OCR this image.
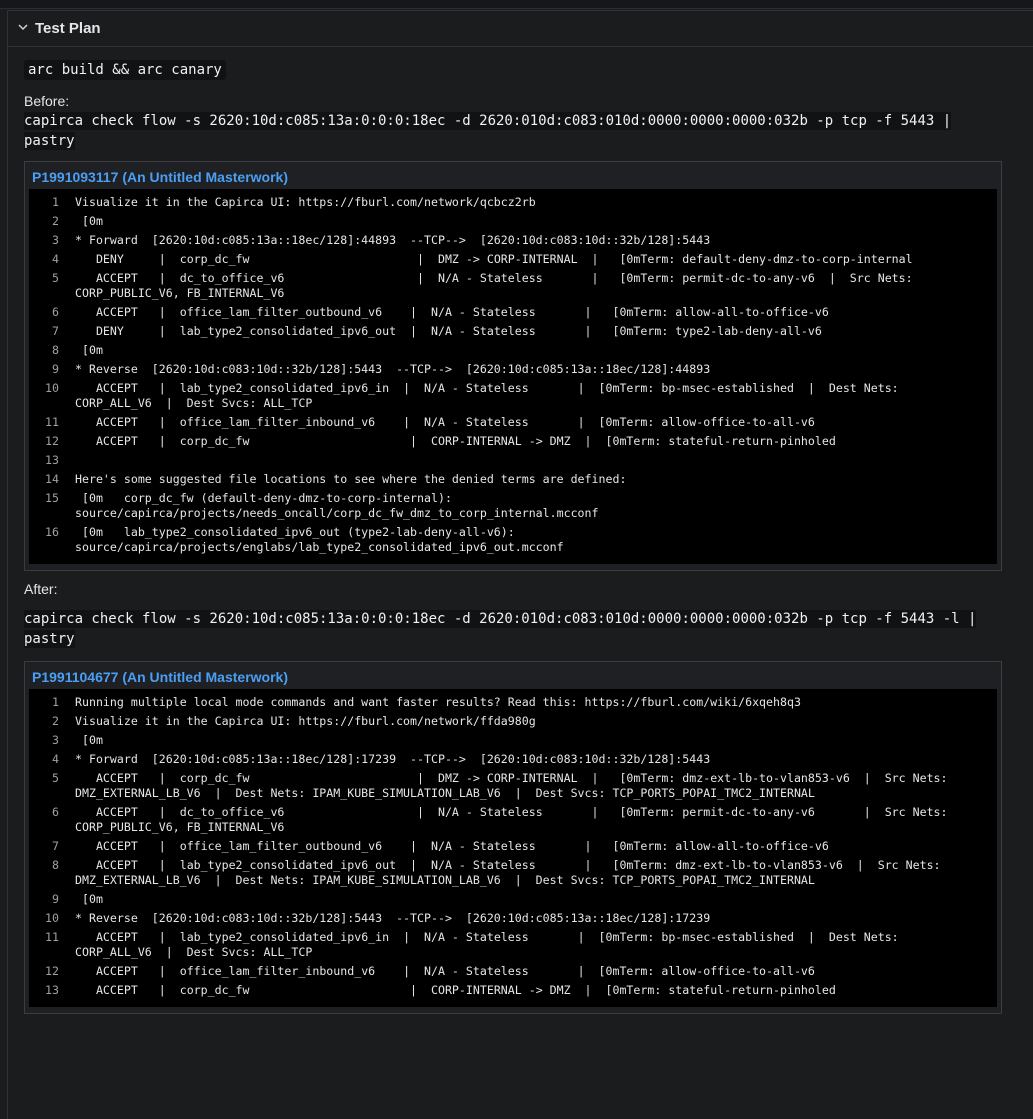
Test Plan
arc build && arc canary
Before:
capirca check flow -s 2620:10d:c085:13a:0:0:0:18ec -d 2620:010d:c083:010d:0000:0000:0000:032b -p tcp -f 5443 | pastry
P1991093117 (An Untitled Masterwork)
1	Visualize it in the Capirca UI: https://fburl.com/network/qcbcz2rb
2	[0m
3	* Forward  [2620:10d:c085:13a::18ec/128]:44893  --TCP-->  [2620:10d:c083:10d::32b/128]:5443
4	DENY     |  corp_dc_fw                        |  DMZ -> CORP-INTERNAL  |   [0mTerm: default-deny-dmz-to-corp-internal
5	ACCEPT   |  dc_to_office_v6                   |  N/A - Stateless       |   [0mTerm: permit-dc-to-any-v6  |  Src Nets: CORP_PUBLIC_V6, FB_INTERNAL_V6
6	ACCEPT   |  office_lam_filter_outbound_v6    |  N/A - Stateless       |   [0mTerm: allow-all-to-office-v6
7	DENY     |  lab_type2_consolidated_ipv6_out  |  N/A - Stateless       |   [0mTerm: type2-lab-deny-all-v6
8	[0m
9	* Reverse  [2620:10d:c083:10d::32b/128]:5443  --TCP-->  [2620:10d:c085:13a::18ec/128]:44893
10	ACCEPT   |  lab_type2_consolidated_ipv6_in  |  N/A - Stateless       |  [0mTerm: bp-msec-established  |  Dest Nets: CORP_ALL_V6  |  Dest Svcs: ALL_TCP
11	ACCEPT   |  office_lam_filter_inbound_v6    |  N/A - Stateless       |  [0mTerm: allow-office-to-all-v6
12	ACCEPT   |  corp_dc_fw                       |  CORP-INTERNAL -> DMZ  |  [0mTerm: stateful-return-pinholed
13
14	Here's some suggested file locations to see where the denied terms are defined:
15	[0m   corp_dc_fw (default-deny-dmz-to-corp-internal): source/capirca/projects/needs_oncall/corp_dc_fw_dmz_to_corp_internal.mcconf
16	[0m   lab_type2_consolidated_ipv6_out (type2-lab-deny-all-v6): source/capirca/projects/englabs/lab_type2_consolidated_ipv6_out.mcconf
After:
capirca check flow -s 2620:10d:c085:13a:0:0:0:18ec -d 2620:010d:c083:010d:0000:0000:0000:032b -p tcp -f 5443 -l | pastry
P1991104677 (An Untitled Masterwork)
1	Running multiple local mode commands and want faster results? Read this: https://fburl.com/wiki/6xqeh8q3
2	Visualize it in the Capirca UI: https://fburl.com/network/ffda980g
3	[0m
4	* Forward  [2620:10d:c085:13a::18ec/128]:17239  --TCP-->  [2620:10d:c083:10d::32b/128]:5443
5	ACCEPT   |  corp_dc_fw                        |  DMZ -> CORP-INTERNAL  |   [0mTerm: dmz-ext-lb-to-vlan853-v6  |  Src Nets: DMZ_EXTERNAL_LB_V6  |  Dest Nets: IPAM_KUBE_SIMULATION_LAB_V6  |  Dest Svcs: TCP_PORTS_POPAI_TMC2_INTERNAL
6	ACCEPT   |  dc_to_office_v6                   |  N/A - Stateless       |   [0mTerm: permit-dc-to-any-v6       |  Src Nets: CORP_PUBLIC_V6, FB_INTERNAL_V6
7	ACCEPT   |  office_lam_filter_outbound_v6    |  N/A - Stateless       |   [0mTerm: allow-all-to-office-v6
8	ACCEPT   |  lab_type2_consolidated_ipv6_out  |  N/A - Stateless       |   [0mTerm: dmz-ext-lb-to-vlan853-v6  |  Src Nets: DMZ_EXTERNAL_LB_V6  |  Dest Nets: IPAM_KUBE_SIMULATION_LAB_V6  |  Dest Svcs: TCP_PORTS_POPAI_TMC2_INTERNAL
9	[0m
10	* Reverse  [2620:10d:c083:10d::32b/128]:5443  --TCP-->  [2620:10d:c085:13a::18ec/128]:17239
11	ACCEPT   |  lab_type2_consolidated_ipv6_in  |  N/A - Stateless       |  [0mTerm: bp-msec-established  |  Dest Nets: CORP_ALL_V6  |  Dest Svcs: ALL_TCP
12	ACCEPT   |  office_lam_filter_inbound_v6    |  N/A - Stateless       |  [0mTerm: allow-office-to-all-v6
13	ACCEPT   |  corp_dc_fw                       |  CORP-INTERNAL -> DMZ  |  [0mTerm: stateful-return-pinholed
